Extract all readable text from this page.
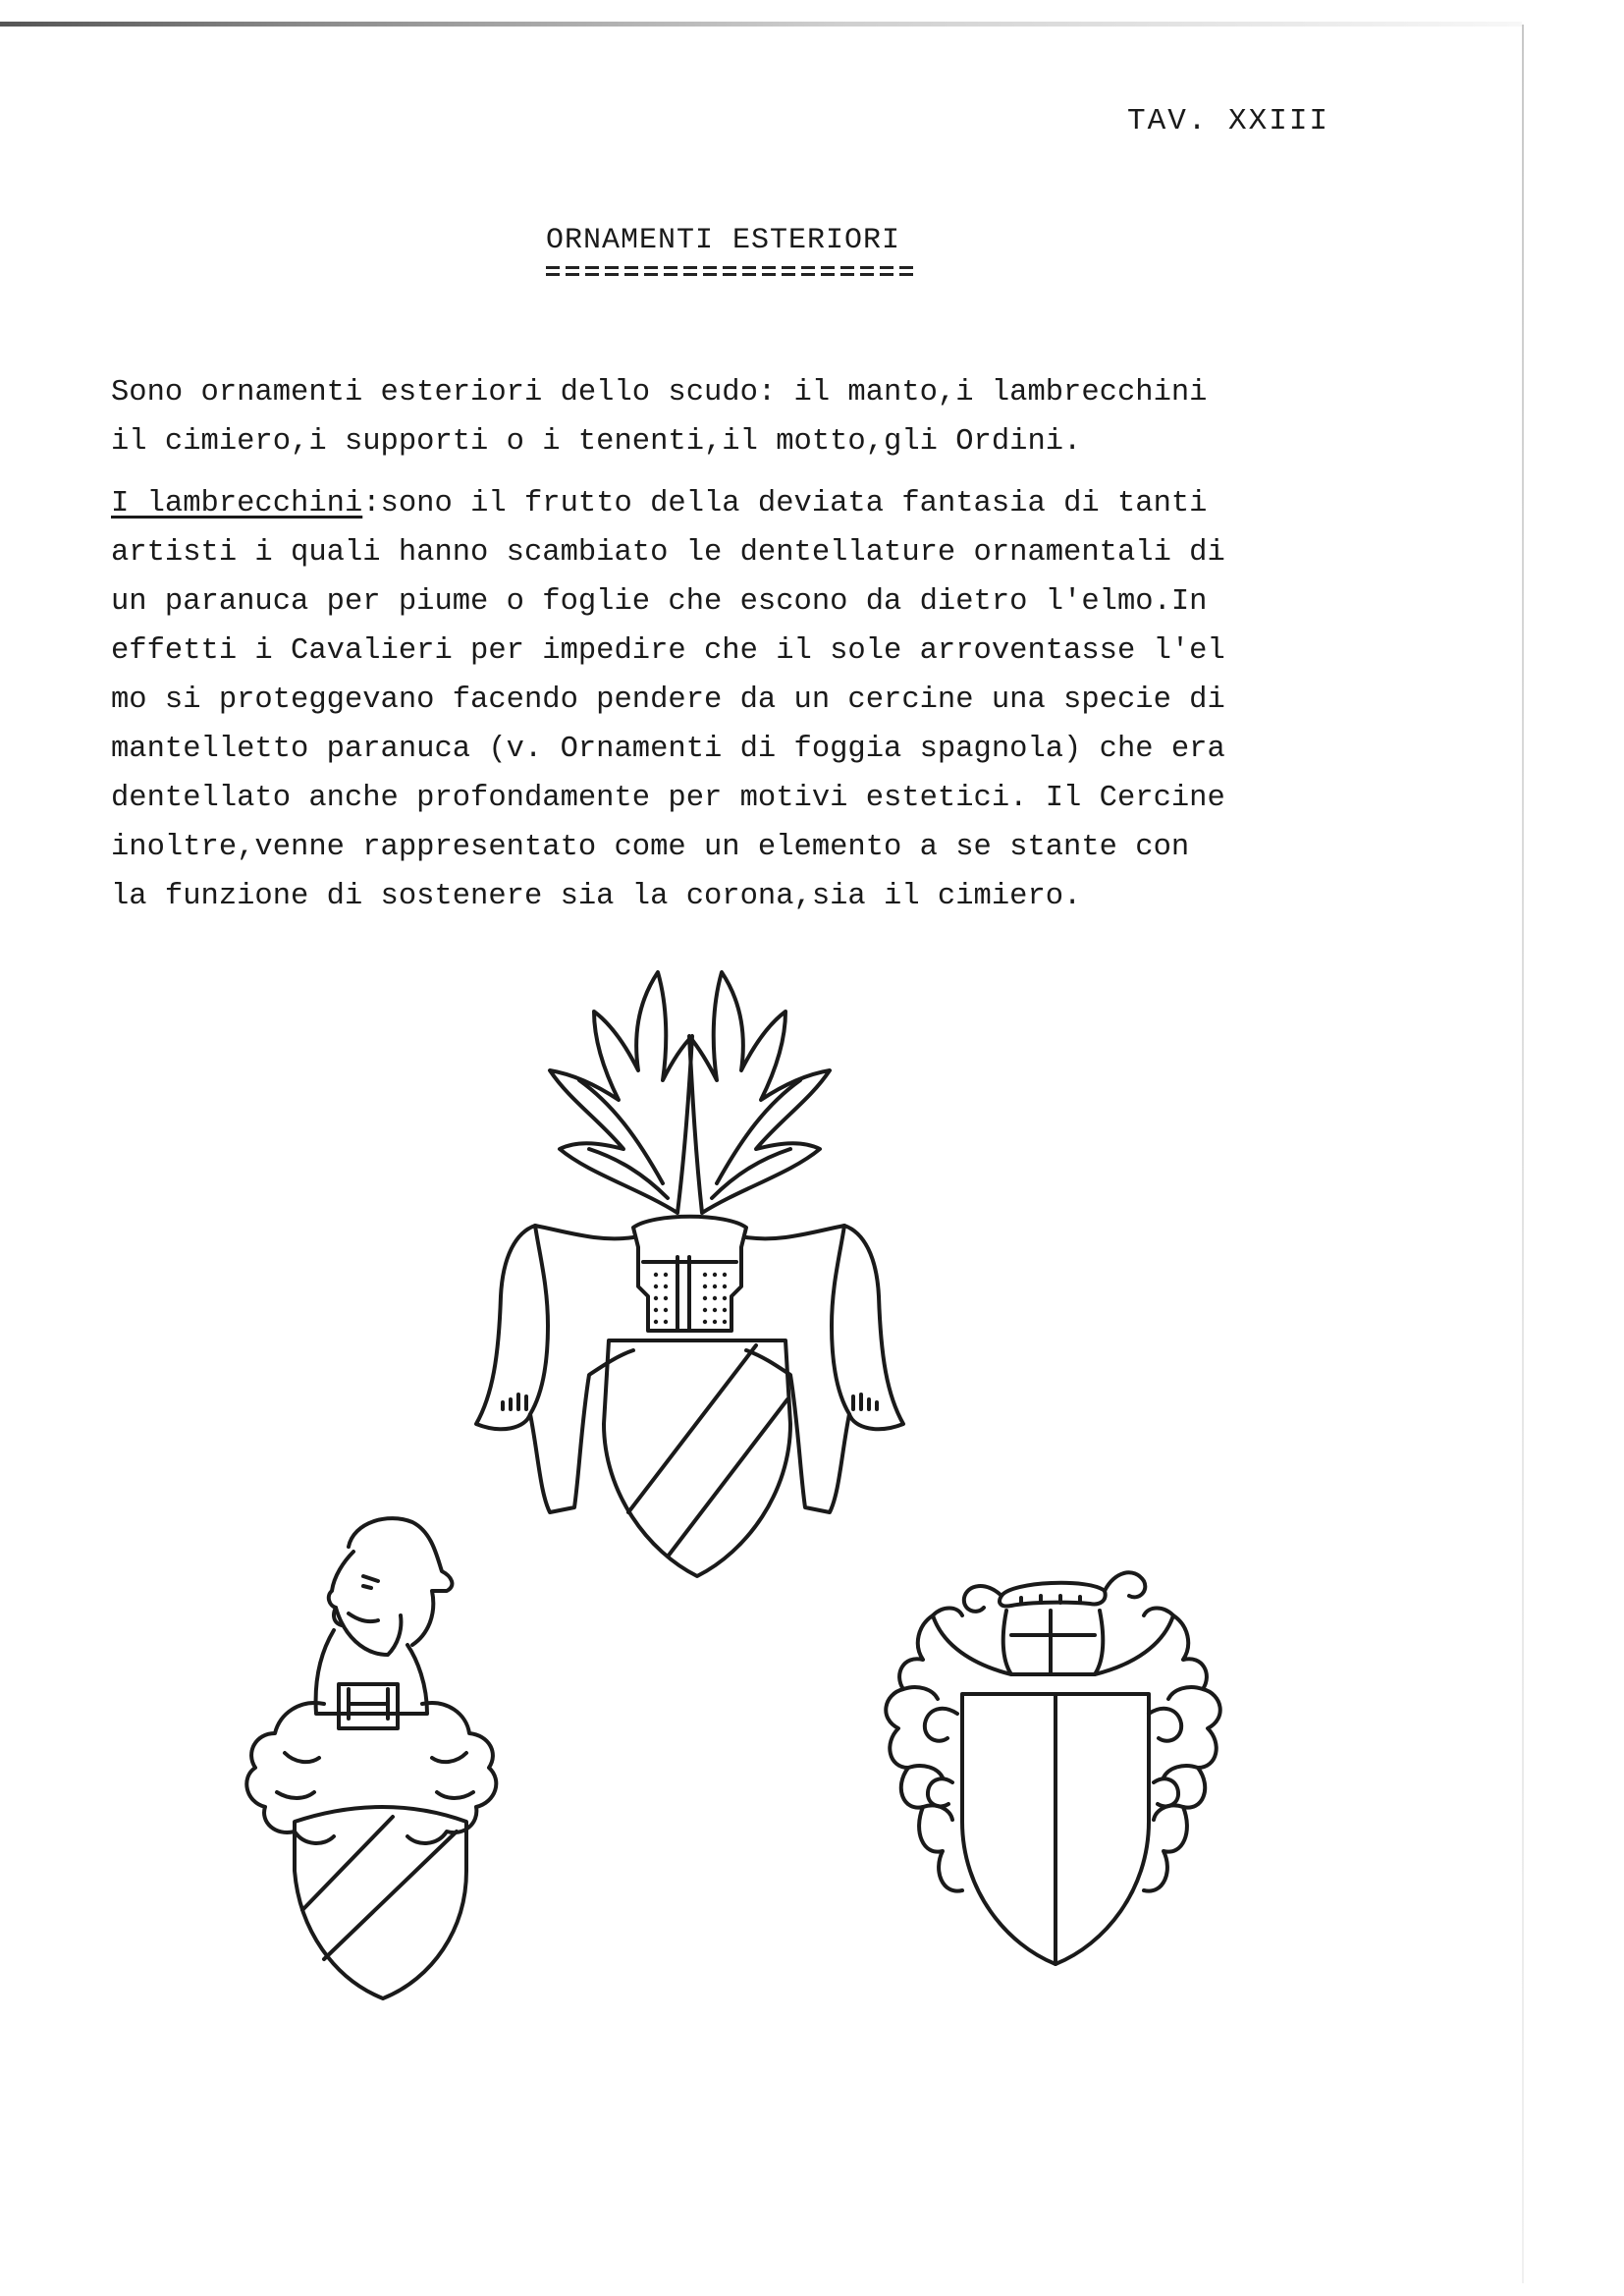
TAV. XXIII

ORNAMENTI ESTERIORI
Sono ornamenti esteriori dello scudo: il manto,i lambrecchini
il cimiero,i supporti o i tenenti,il motto,gli Ordini.
I lambrecchini:sono il frutto della deviata fantasia di tanti
artisti i quali hanno scambiato le dentellature ornamentali di
un paranuca per piume o foglie che escono da dietro l'elmo.In
effetti i Cavalieri per impedire che il sole arroventasse l'el
mo si proteggevano facendo pendere da un cercine una specie di
mantelletto paranuca (v. Ornamenti di foggia spagnola) che era
dentellato anche profondamente per motivi estetici. Il Cercine
inoltre,venne rappresentato come un elemento a se stante con
la funzione di sostenere sia la corona,sia il cimiero.
